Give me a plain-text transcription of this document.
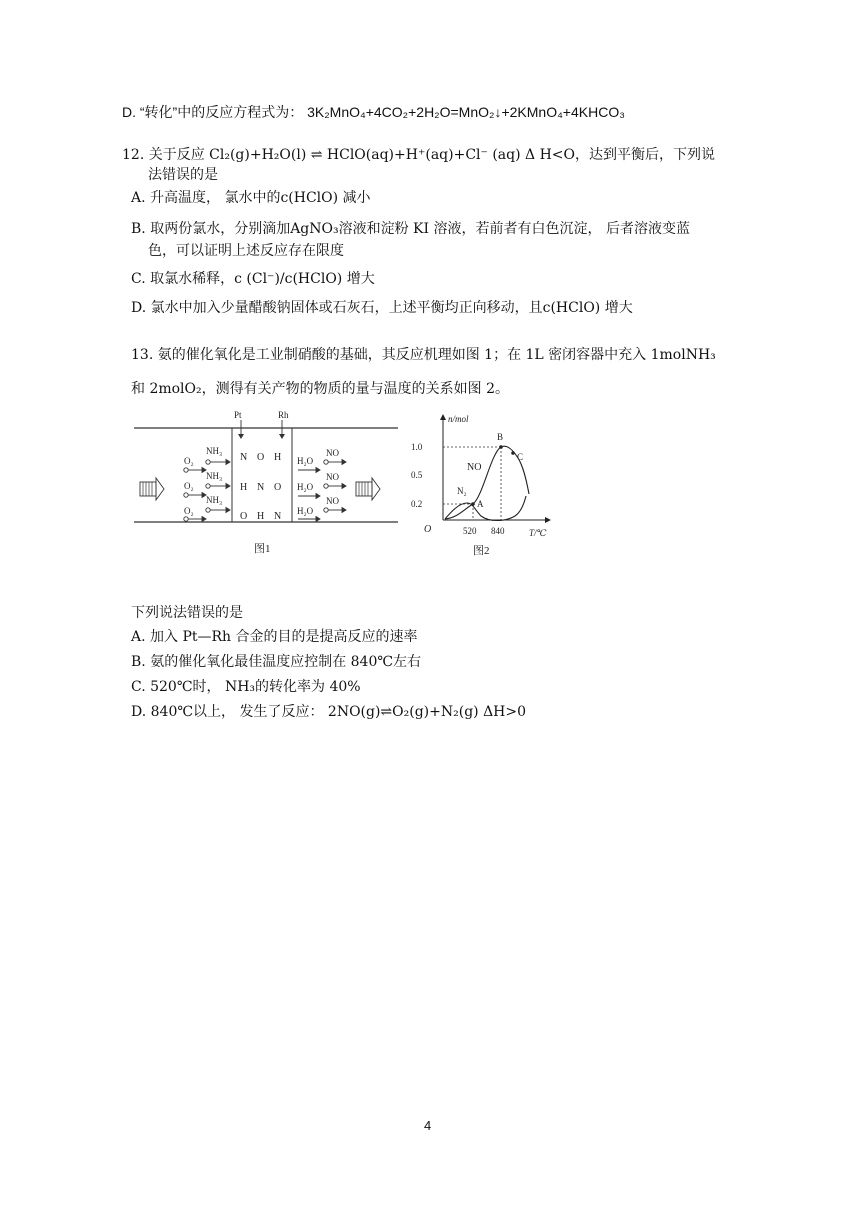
D. “转化”中的反应方程式为： 3K₂MnO₄+4CO₂+2H₂O=MnO₂↓+2KMnO₄+4KHCO₃
12. 关于反应 Cl₂(g)+H₂O(l) ⇌ HClO(aq)+H⁺(aq)+Cl⁻ (aq) Δ H<O，达到平衡后，下列说
法错误的是
A. 升高温度， 氯水中的c(HClO) 减小
B. 取两份氯水，分别滴加AgNO₃溶液和淀粉 KI 溶液，若前者有白色沉淀， 后者溶液变蓝
色，可以证明上述反应存在限度
C. 取氯水稀释，c (Cl⁻)/c(HClO) 增大
D. 氯水中加入少量醋酸钠固体或石灰石，上述平衡均正向移动，且c(HClO) 增大
13. 氨的催化氧化是工业制硝酸的基础，其反应机理如图 1；在 1L 密闭容器中充入 1molNH₃
和 2molO₂，测得有关产物的物质的量与温度的关系如图 2。
Pt	Rh
NH₃
O₂
NH₃
O₂
NH₃
O₂
N O H
H N O
O H N
NO
H₂O
NO
H₂O
NO
H₂O
图1
n/mol
T/℃
O
1.0
0.5
0.2
520 840
A
B
C
NO
N₂
图2
下列说法错误的是
A. 加入 Pt—Rh 合金的目的是提高反应的速率
B. 氨的催化氧化最佳温度应控制在 840℃左右
C. 520℃时， NH₃的转化率为 40%
D. 840℃以上， 发生了反应： 2NO(g)⇌O₂(g)+N₂(g) ΔH>0
4
